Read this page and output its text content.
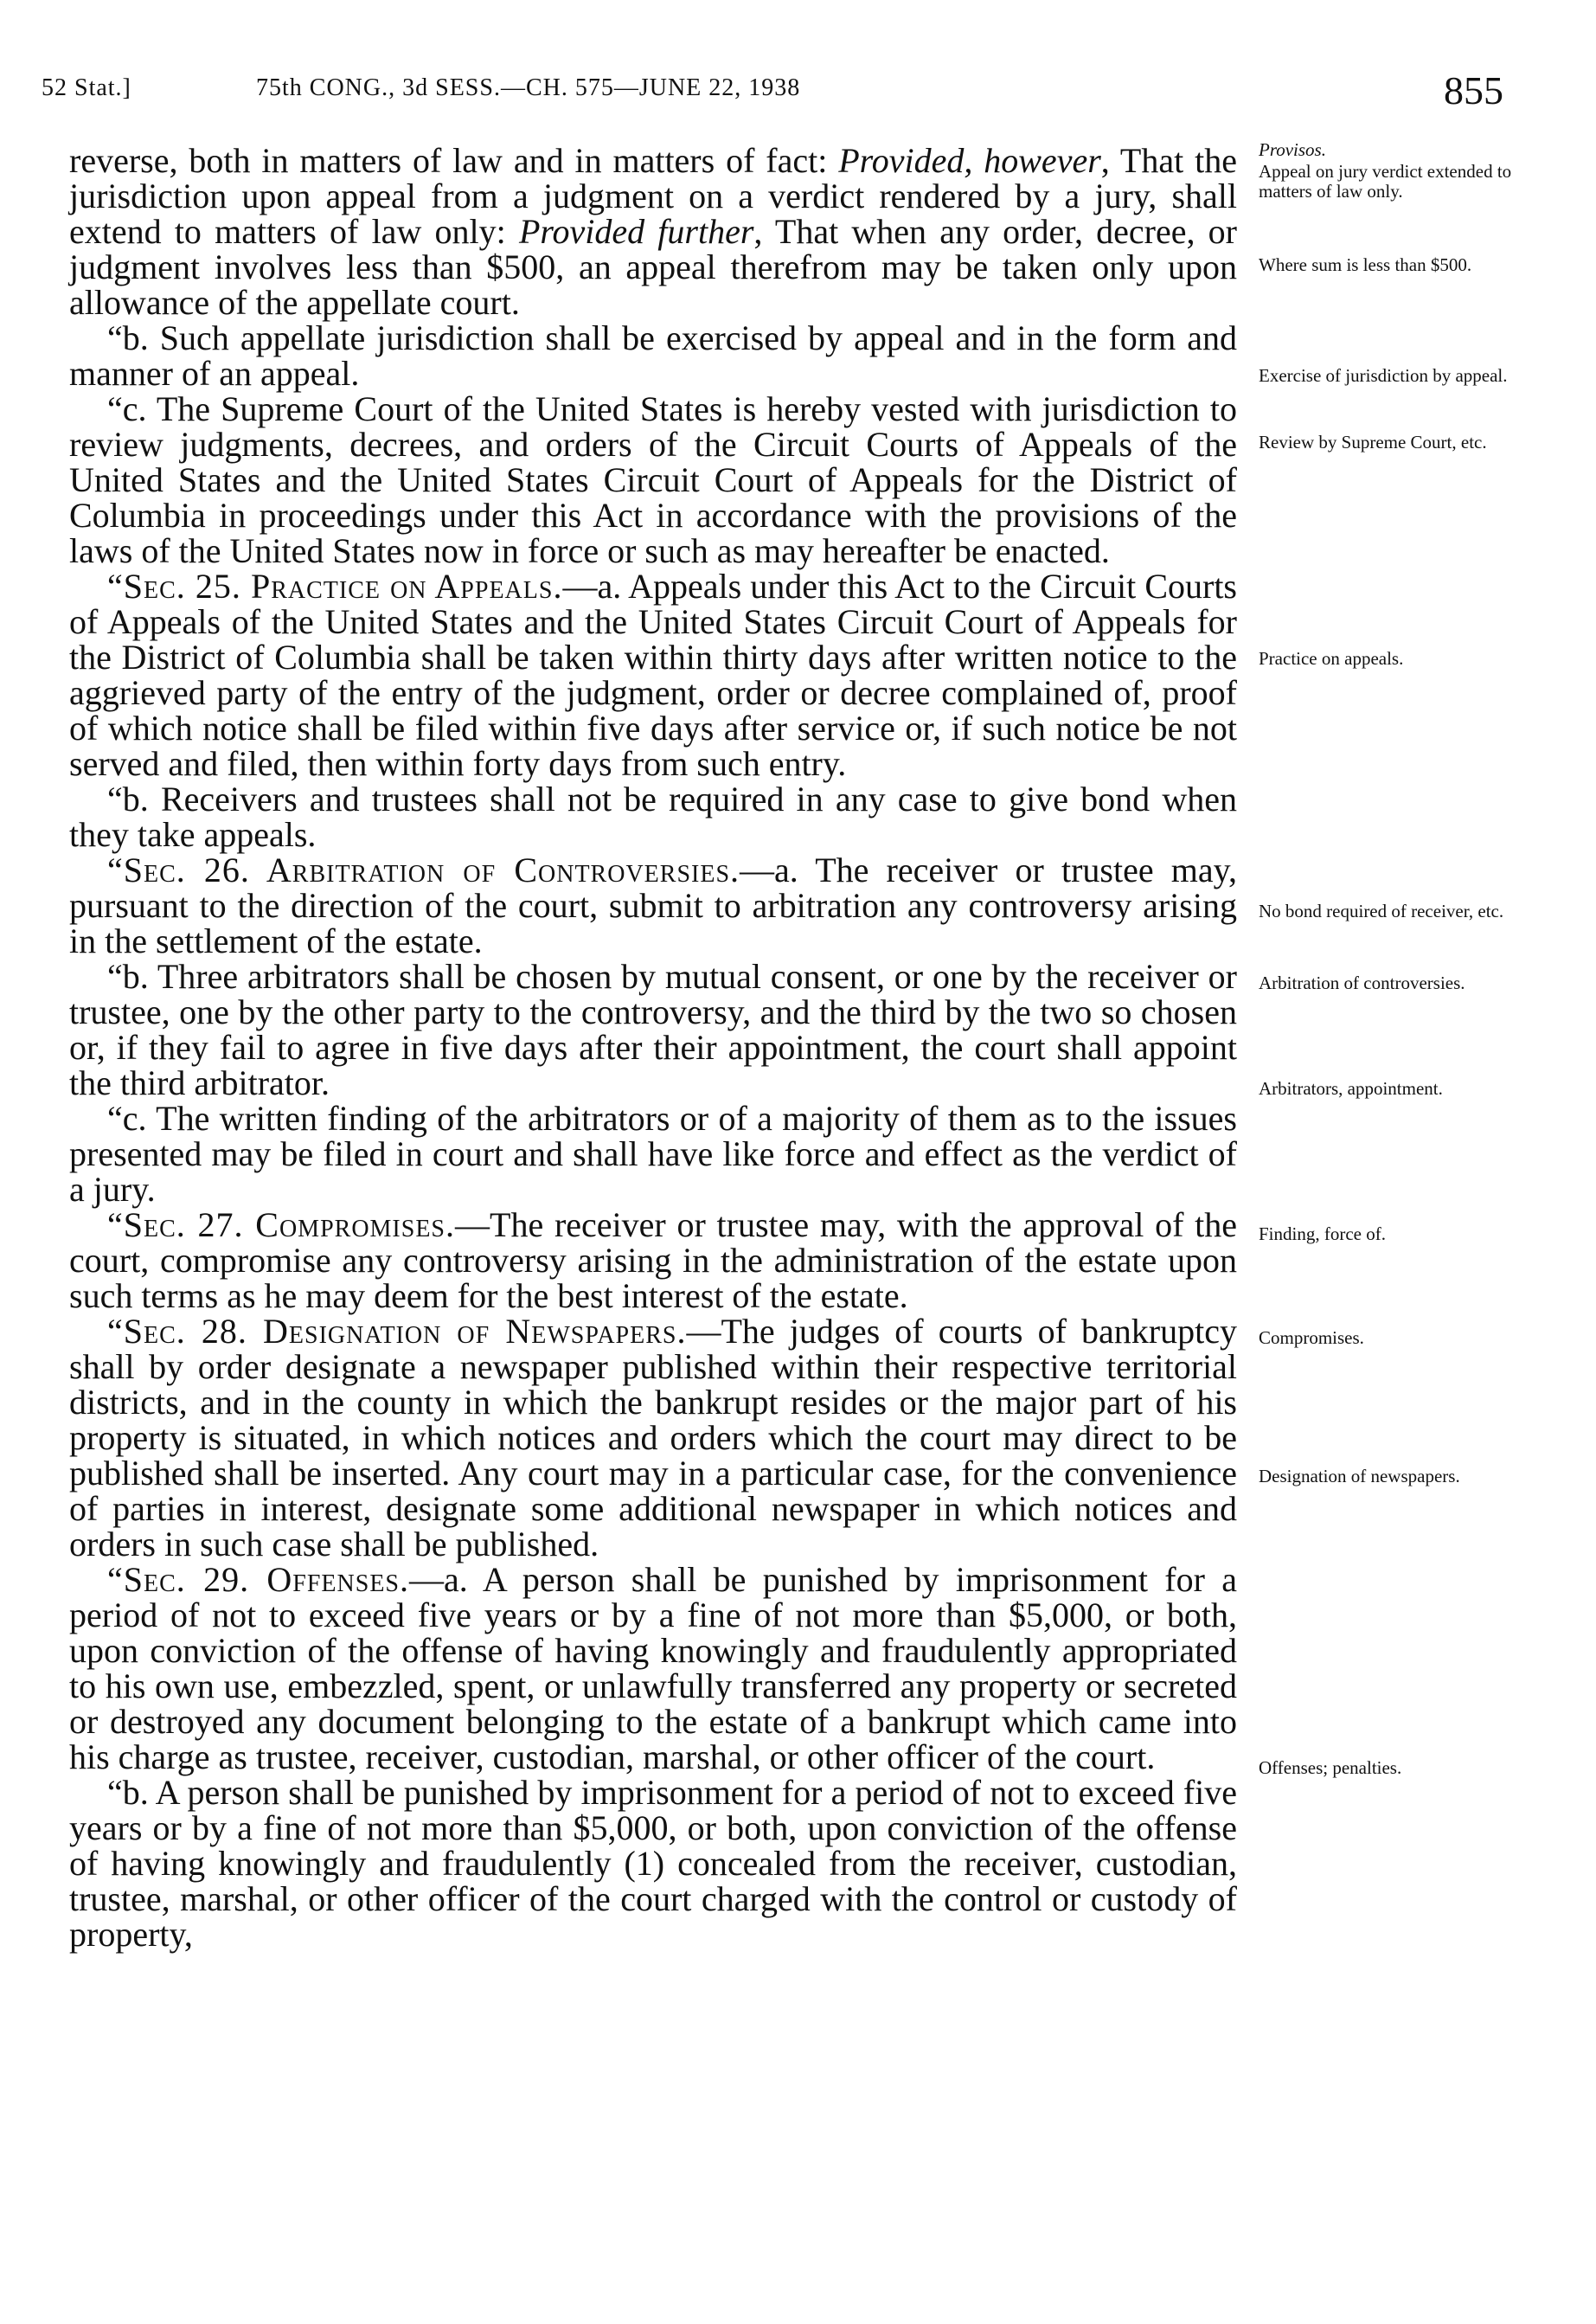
52 Stat.]	75th CONG., 3d SESS.—CH. 575—JUNE 22, 1938	855

reverse, both in matters of law and in matters of fact: Provided, however, That the jurisdiction upon appeal from a judgment on a verdict rendered by a jury, shall extend to matters of law only: Provided further, That when any order, decree, or judgment involves less than $500, an appeal therefrom may be taken only upon allowance of the appellate court.

“b. Such appellate jurisdiction shall be exercised by appeal and in the form and manner of an appeal.

“c. The Supreme Court of the United States is hereby vested with jurisdiction to review judgments, decrees, and orders of the Circuit Courts of Appeals of the United States and the United States Circuit Court of Appeals for the District of Columbia in proceedings under this Act in accordance with the provisions of the laws of the United States now in force or such as may hereafter be enacted.

“Sec. 25. Practice on Appeals.—a. Appeals under this Act to the Circuit Courts of Appeals of the United States and the United States Circuit Court of Appeals for the District of Columbia shall be taken within thirty days after written notice to the aggrieved party of the entry of the judgment, order or decree complained of, proof of which notice shall be filed within five days after service or, if such notice be not served and filed, then within forty days from such entry.

“b. Receivers and trustees shall not be required in any case to give bond when they take appeals.

“Sec. 26. Arbitration of Controversies.—a. The receiver or trustee may, pursuant to the direction of the court, submit to arbitration any controversy arising in the settlement of the estate.

“b. Three arbitrators shall be chosen by mutual consent, or one by the receiver or trustee, one by the other party to the controversy, and the third by the two so chosen or, if they fail to agree in five days after their appointment, the court shall appoint the third arbitrator.

“c. The written finding of the arbitrators or of a majority of them as to the issues presented may be filed in court and shall have like force and effect as the verdict of a jury.

“Sec. 27. Compromises.—The receiver or trustee may, with the approval of the court, compromise any controversy arising in the administration of the estate upon such terms as he may deem for the best interest of the estate.

“Sec. 28. Designation of Newspapers.—The judges of courts of bankruptcy shall by order designate a newspaper published within their respective territorial districts, and in the county in which the bankrupt resides or the major part of his property is situated, in which notices and orders which the court may direct to be published shall be inserted. Any court may in a particular case, for the convenience of parties in interest, designate some additional newspaper in which notices and orders in such case shall be published.

“Sec. 29. Offenses.—a. A person shall be punished by imprisonment for a period of not to exceed five years or by a fine of not more than $5,000, or both, upon conviction of the offense of having knowingly and fraudulently appropriated to his own use, embezzled, spent, or unlawfully transferred any property or secreted or destroyed any document belonging to the estate of a bankrupt which came into his charge as trustee, receiver, custodian, marshal, or other officer of the court.

“b. A person shall be punished by imprisonment for a period of not to exceed five years or by a fine of not more than $5,000, or both, upon conviction of the offense of having knowingly and fraudulently (1) concealed from the receiver, custodian, trustee, marshal, or other officer of the court charged with the control or custody of property,

Provisos.
Appeal on jury verdict extended to matters of law only.
Where sum is less than $500.
Exercise of jurisdiction by appeal.
Review by Supreme Court, etc.
Practice on appeals.
No bond required of receiver, etc.
Arbitration of controversies.
Arbitrators, appointment.
Finding, force of.
Compromises.
Designation of newspapers.
Offenses; penalties.
